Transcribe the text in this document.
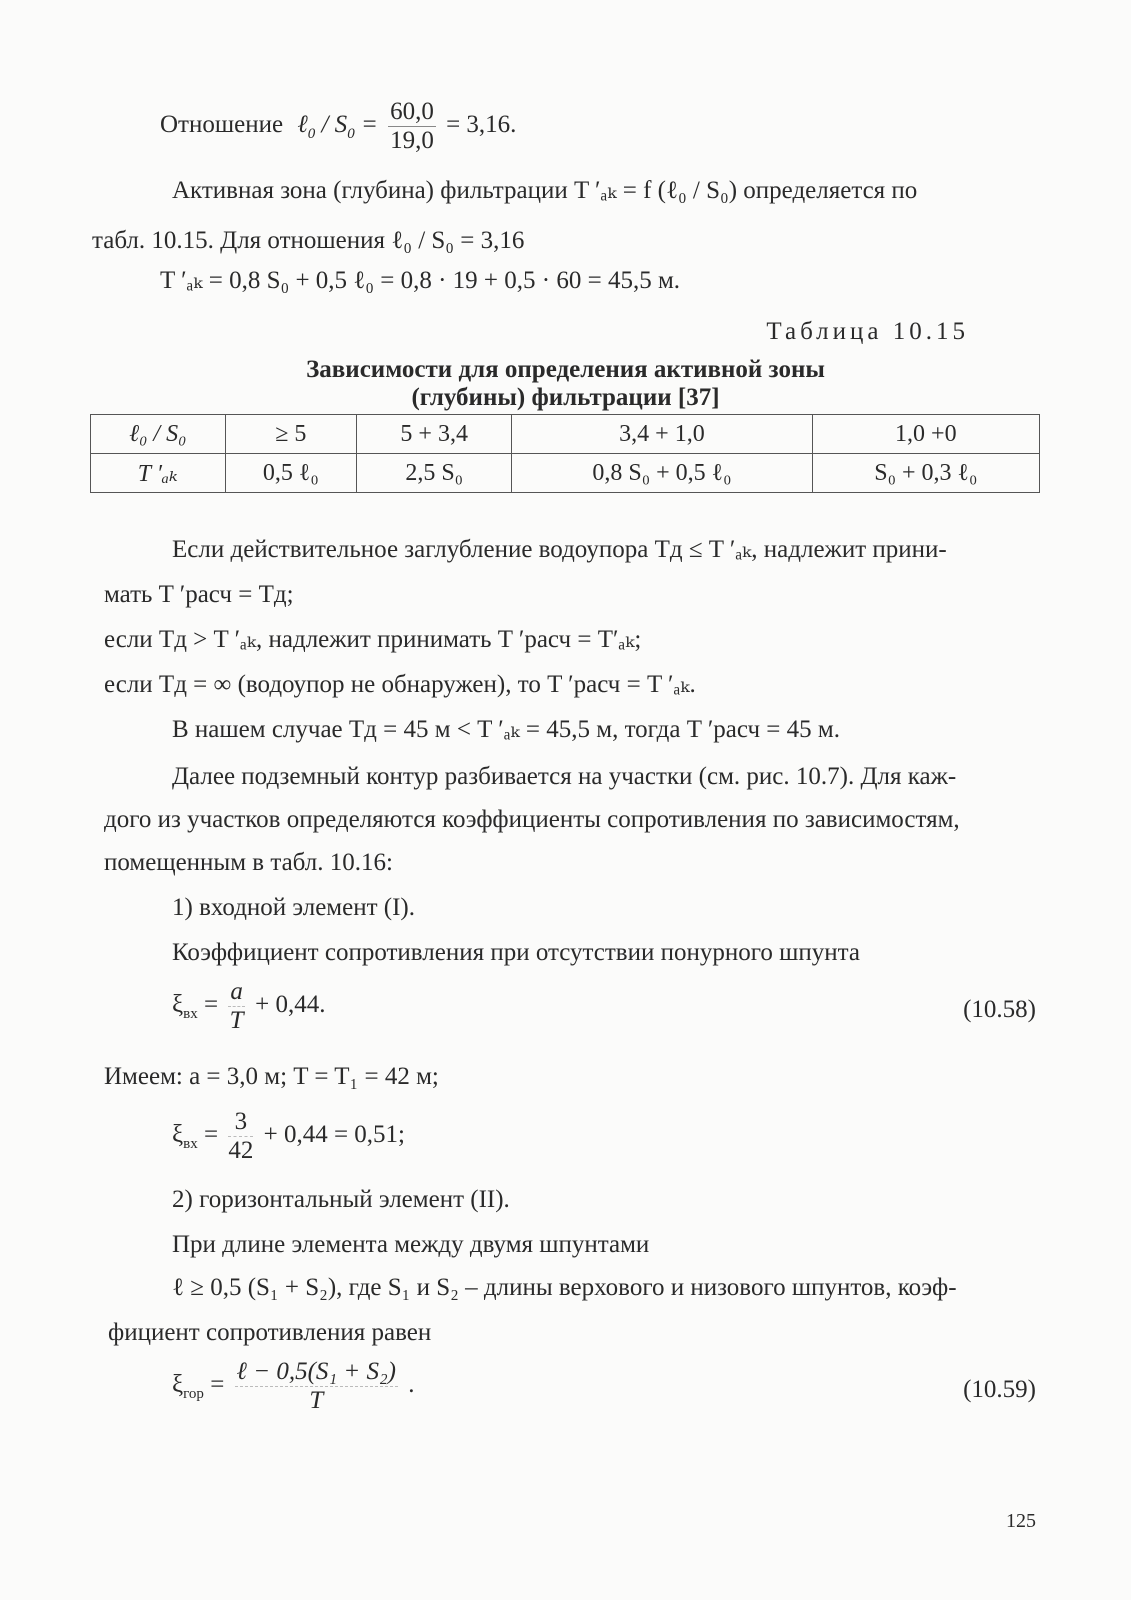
Отношение ℓ$_0$ / $S_0 = \frac{60,0}{19,0} = 3,16$.
Активная зона (глубина) фильтрации T ′ₐₖ = f (ℓ₀ / S₀) определяется по
табл. 10.15. Для отношения ℓ₀ / S₀ = 3,16
T ′ₐₖ = 0,8 S₀ + 0,5 ℓ₀ = 0,8 · 19 + 0,5 · 60 = 45,5 м.
Таблица 10.15
Зависимости для определения активной зоны
(глубины) фильтрации [37]
ℓ₀ / S₀	≥ 5	5 + 3,4	3,4 + 1,0	1,0 +0
T ′ₐₖ	0,5 ℓ₀	2,5 S₀	0,8 S₀ + 0,5 ℓ₀	S₀ + 0,3 ℓ₀
Если действительное заглубление водоупора Tд ≤ T ′ₐₖ, надлежит прини-
мать T ′расч = Tд;
если Tд > T ′ₐₖ, надлежит принимать T ′расч = T′ₐₖ;
если Tд = ∞ (водоупор не обнаружен), то T ′расч = T ′ₐₖ.
В нашем случае Tд = 45 м < T ′ₐₖ = 45,5 м, тогда T ′расч = 45 м.
Далее подземный контур разбивается на участки (см. рис. 10.7). Для каж-
дого из участков определяются коэффициенты сопротивления по зависимостям,
помещенным в табл. 10.16:
1) входной элемент (I).
Коэффициент сопротивления при отсутствии понурного шпунта
$\xi_{вх} = \frac{a}{T} + 0,44$.	(10.58)
Имеем: a = 3,0 м; T = T₁ = 42 м;
$\xi_{вх} = \frac{3}{42} + 0,44 = 0,51$;
2) горизонтальный элемент (II).
При длине элемента между двумя шпунтами
ℓ ≥ 0,5 (S₁ + S₂), где S₁ и S₂ – длины верхового и низового шпунтов, коэф-
фициент сопротивления равен
$\xi_{гор} = \frac{\text{ℓ − 0,5(S₁ + S₂)}}{T}$ .	(10.59)
125
